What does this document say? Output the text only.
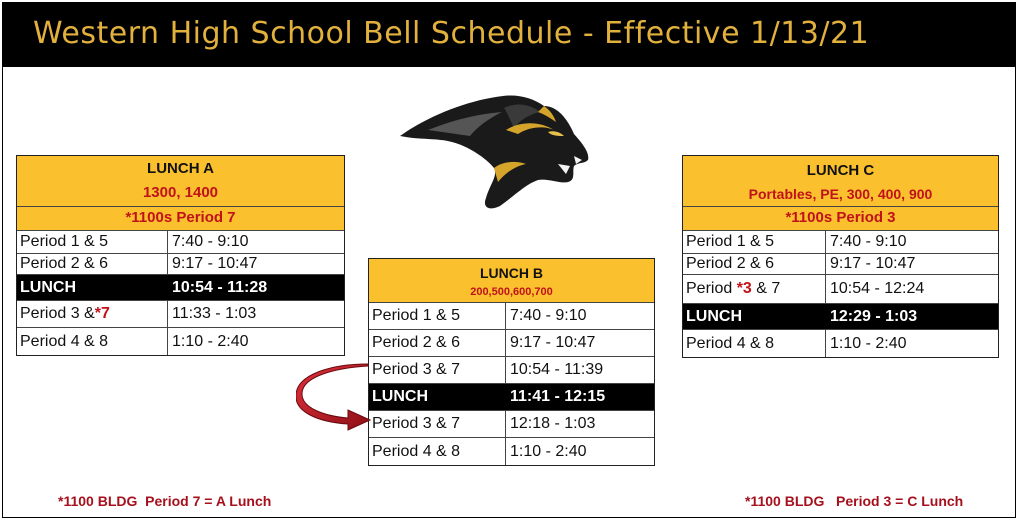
Western High School Bell Schedule - Effective 1/13/21
LUNCH A
1300, 1400
*1100s Period 7
Period 1 & 5	7:40 - 9:10
Period 2 & 6	9:17 - 10:47
LUNCH	10:54 - 11:28
Period 3 & *7	11:33 - 1:03
Period 4 & 8	1:10 - 2:40
LUNCH B
200,500,600,700
Period 1 & 5	7:40 - 9:10
Period 2 & 6	9:17 - 10:47
Period 3 & 7	10:54 - 11:39
LUNCH	11:41 - 12:15
Period 3 & 7	12:18 - 1:03
Period 4 & 8	1:10 - 2:40
LUNCH C
Portables, PE, 300, 400, 900
*1100s Period 3
Period 1 & 5	7:40 - 9:10
Period 2 & 6	9:17 - 10:47
Period *3 & 7	10:54 - 12:24
LUNCH	12:29 - 1:03
Period 4 & 8	1:10 - 2:40
*1100 BLDG  Period 7 = A Lunch	*1100 BLDG   Period 3 = C Lunch
